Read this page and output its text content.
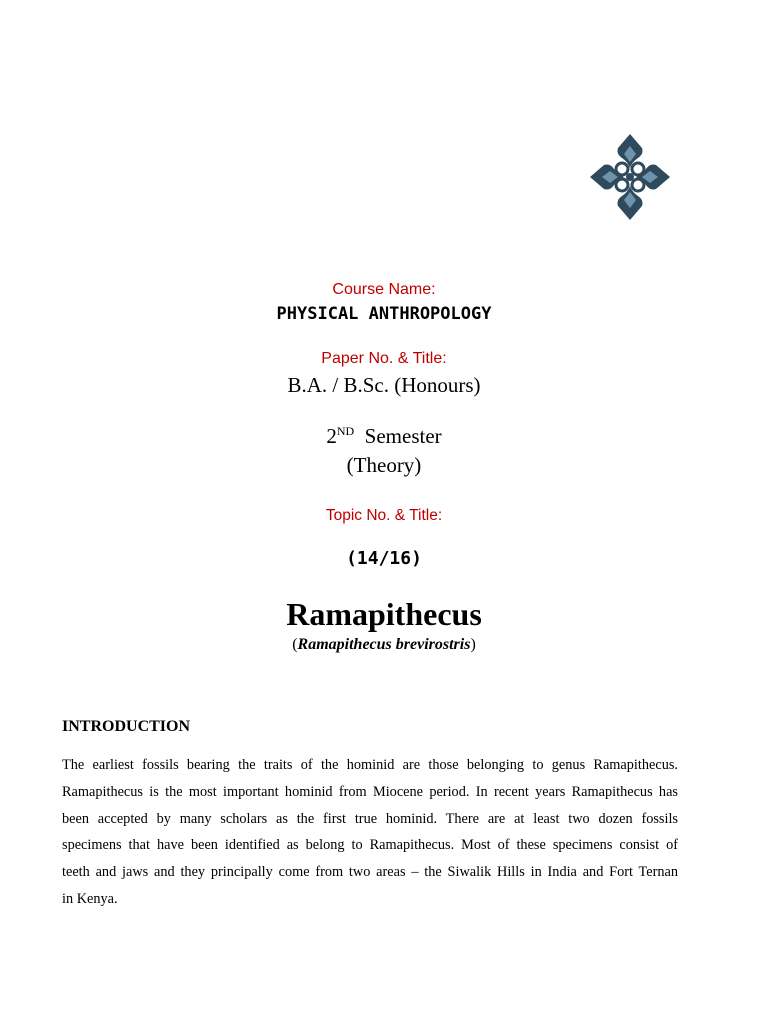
Course Name:
PHYSICAL ANTHROPOLOGY
Paper No. & Title:
B.A. / B.Sc. (Honours)
2ND Semester
(Theory)
Topic No. & Title:
(14/16)
Ramapithecus
(Ramapithecus brevirostris)
INTRODUCTION

The earliest fossils bearing the traits of the hominid are those belonging to genus Ramapithecus.
Ramapithecus is the most important hominid from Miocene period. In recent years Ramapithecus has
been accepted by many scholars as the first true hominid. There are at least two dozen fossils
specimens that have been identified as belong to Ramapithecus. Most of these specimens consist of
teeth and jaws and they principally come from two areas – the Siwalik Hills in India and Fort Ternan
in Kenya.
